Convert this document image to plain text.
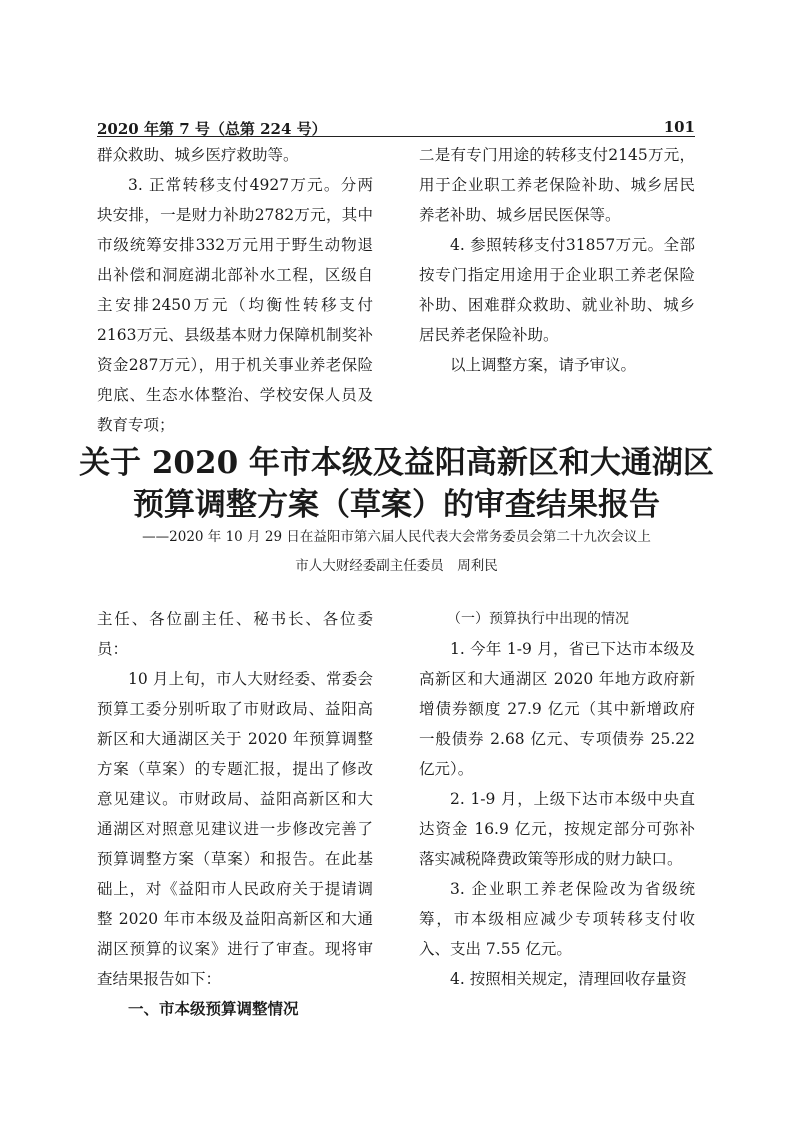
2020 年第 7 号（总第 224 号）	101

群众救助、城乡医疗救助等。

3. 正常转移支付4927万元。分两块安排，一是财力补助2782万元，其中市级统筹安排332万元用于野生动物退出补偿和洞庭湖北部补水工程，区级自主安排2450万元（均衡性转移支付2163万元、县级基本财力保障机制奖补资金287万元），用于机关事业养老保险兜底、生态水体整治、学校安保人员及教育专项；

二是有专门用途的转移支付2145万元，用于企业职工养老保险补助、城乡居民养老补助、城乡居民医保等。

4. 参照转移支付31857万元。全部按专门指定用途用于企业职工养老保险补助、困难群众救助、就业补助、城乡居民养老保险补助。

以上调整方案，请予审议。

关于 2020 年市本级及益阳高新区和大通湖区
预算调整方案（草案）的审查结果报告
——2020 年 10 月 29 日在益阳市第六届人民代表大会常务委员会第二十九次会议上
市人大财经委副主任委员　周利民

主任、各位副主任、秘书长、各位委员：

10 月上旬，市人大财经委、常委会预算工委分别听取了市财政局、益阳高新区和大通湖区关于 2020 年预算调整方案（草案）的专题汇报，提出了修改意见建议。市财政局、益阳高新区和大通湖区对照意见建议进一步修改完善了预算调整方案（草案）和报告。在此基础上，对《益阳市人民政府关于提请调整 2020 年市本级及益阳高新区和大通湖区预算的议案》进行了审查。现将审查结果报告如下：

一、市本级预算调整情况

（一）预算执行中出现的情况

1. 今年 1-9 月，省已下达市本级及高新区和大通湖区 2020 年地方政府新增债券额度 27.9 亿元（其中新增政府一般债券 2.68 亿元、专项债券 25.22 亿元）。

2. 1-9 月，上级下达市本级中央直达资金 16.9 亿元，按规定部分可弥补落实减税降费政策等形成的财力缺口。

3. 企业职工养老保险改为省级统筹，市本级相应减少专项转移支付收入、支出 7.55 亿元。

4. 按照相关规定，清理回收存量资
